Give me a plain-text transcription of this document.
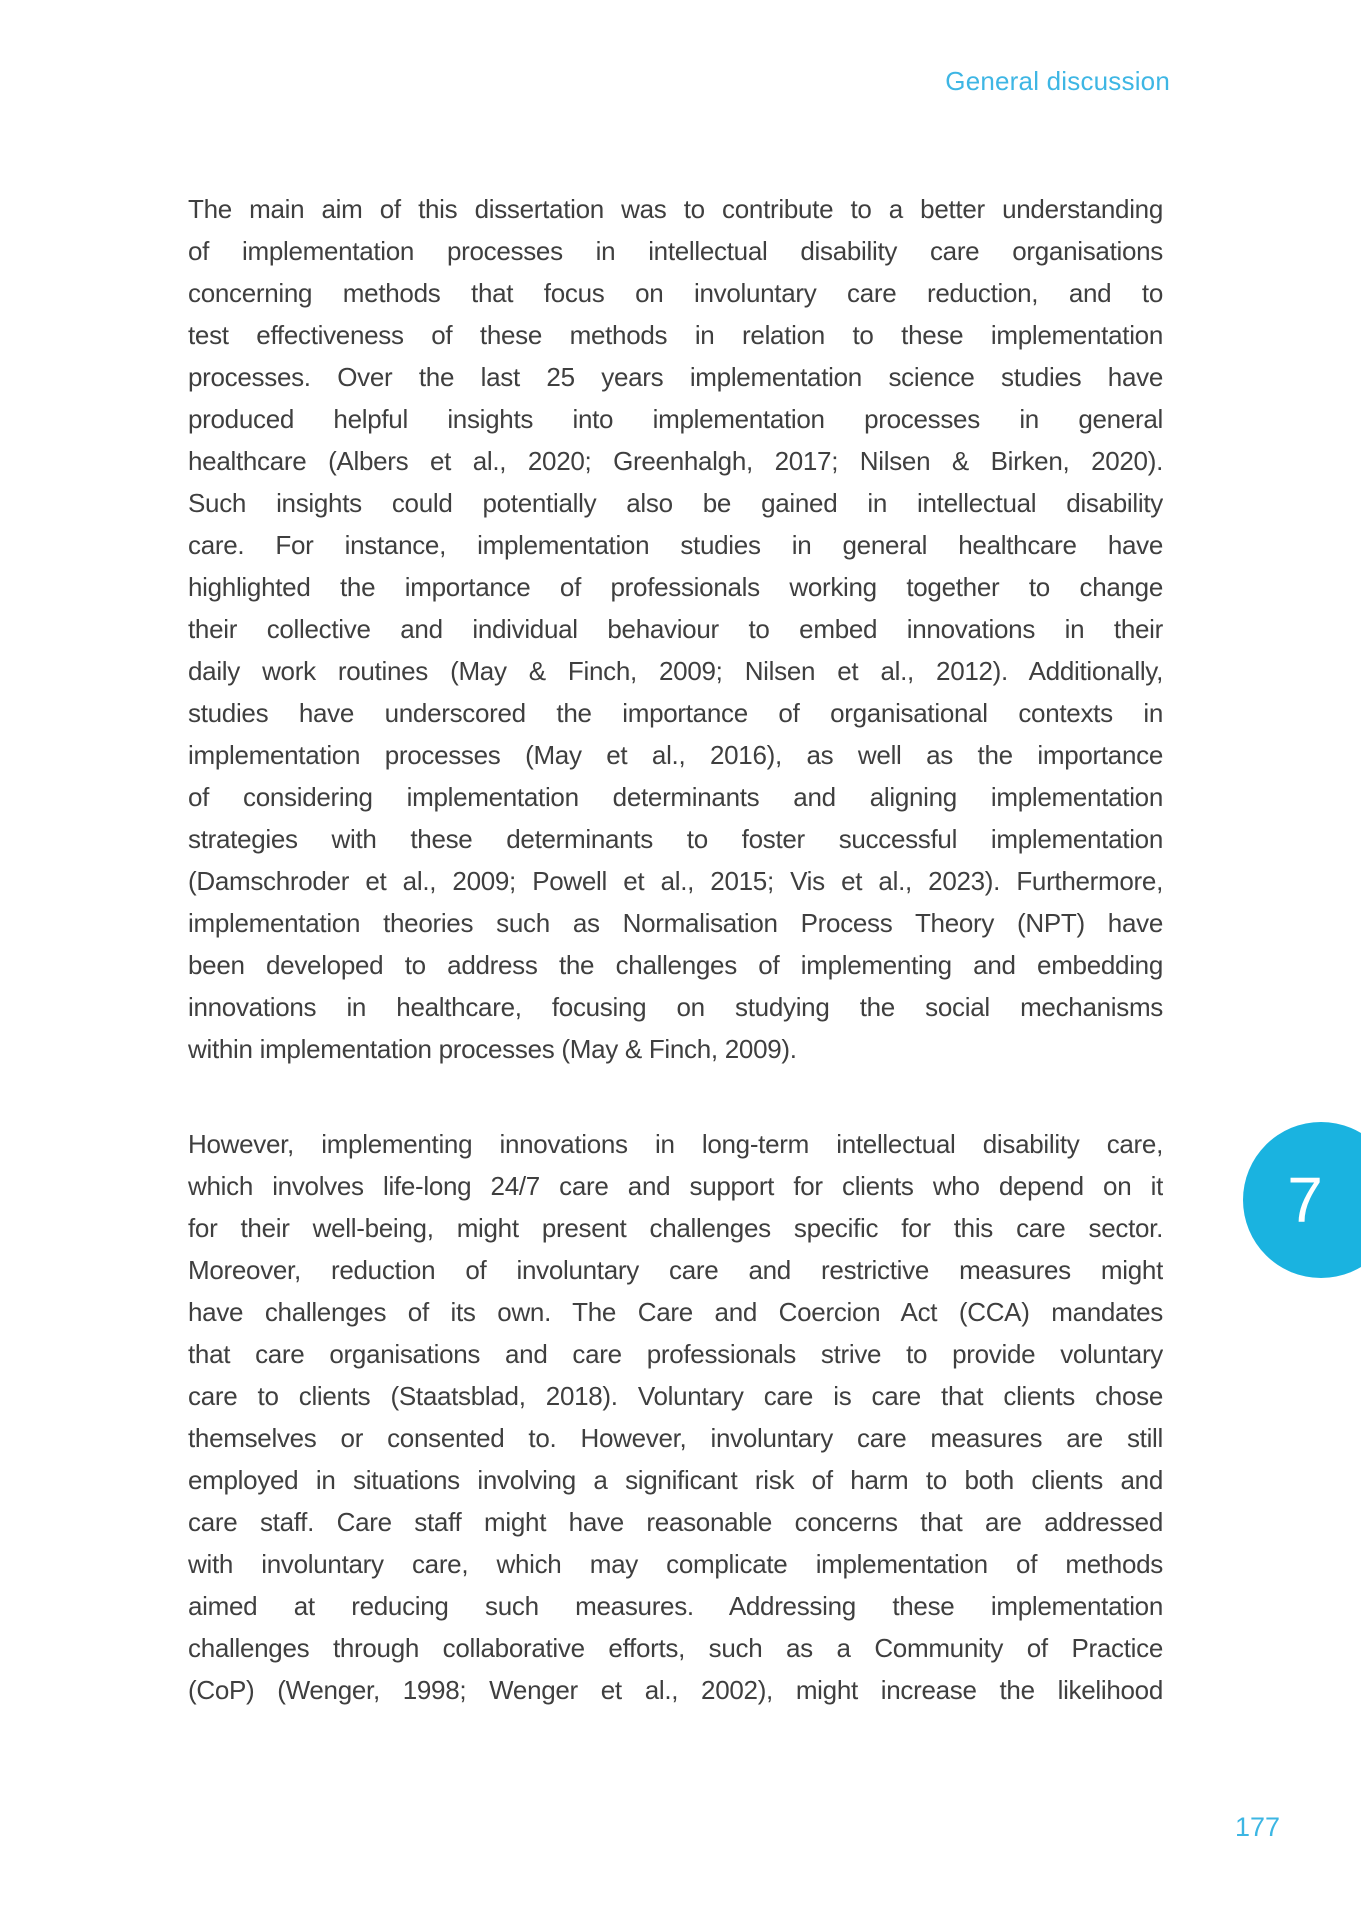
General discussion
The main aim of this dissertation was to contribute to a better understanding
of implementation processes in intellectual disability care organisations
concerning methods that focus on involuntary care reduction, and to
test effectiveness of these methods in relation to these implementation
processes. Over the last 25 years implementation science studies have
produced helpful insights into implementation processes in general
healthcare (Albers et al., 2020; Greenhalgh, 2017; Nilsen & Birken, 2020).
Such insights could potentially also be gained in intellectual disability
care. For instance, implementation studies in general healthcare have
highlighted the importance of professionals working together to change
their collective and individual behaviour to embed innovations in their
daily work routines (May & Finch, 2009; Nilsen et al., 2012). Additionally,
studies have underscored the importance of organisational contexts in
implementation processes (May et al., 2016), as well as the importance
of considering implementation determinants and aligning implementation
strategies with these determinants to foster successful implementation
(Damschroder et al., 2009; Powell et al., 2015; Vis et al., 2023). Furthermore,
implementation theories such as Normalisation Process Theory (NPT) have
been developed to address the challenges of implementing and embedding
innovations in healthcare, focusing on studying the social mechanisms
within implementation processes (May & Finch, 2009).
However, implementing innovations in long-term intellectual disability care,
which involves life-long 24/7 care and support for clients who depend on it
for their well-being, might present challenges specific for this care sector.
Moreover, reduction of involuntary care and restrictive measures might
have challenges of its own. The Care and Coercion Act (CCA) mandates
that care organisations and care professionals strive to provide voluntary
care to clients (Staatsblad, 2018). Voluntary care is care that clients chose
themselves or consented to. However, involuntary care measures are still
employed in situations involving a significant risk of harm to both clients and
care staff. Care staff might have reasonable concerns that are addressed
with involuntary care, which may complicate implementation of methods
aimed at reducing such measures. Addressing these implementation
challenges through collaborative efforts, such as a Community of Practice
(CoP) (Wenger, 1998; Wenger et al., 2002), might increase the likelihood
7
177
